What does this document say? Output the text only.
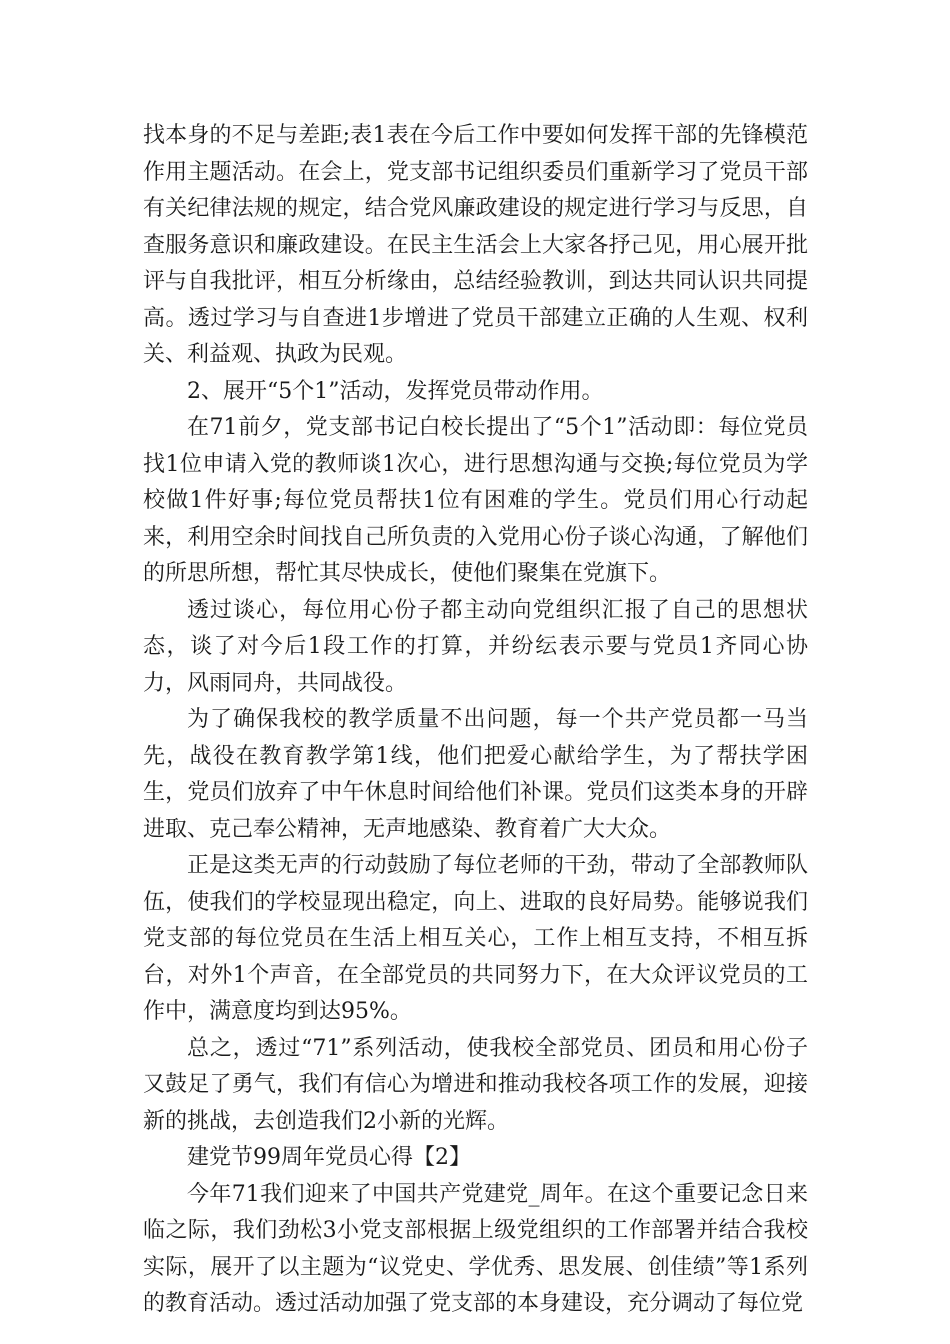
找本身的不足与差距;表1表在今后工作中要如何发挥干部的先锋模范作用主题活动。在会上，党支部书记组织委员们重新学习了党员干部有关纪律法规的规定，结合党风廉政建设的规定进行学习与反思，自查服务意识和廉政建设。在民主生活会上大家各抒己见，用心展开批评与自我批评，相互分析缘由，总结经验教训，到达共同认识共同提高。透过学习与自查进1步增进了党员干部建立正确的人生观、权利关、利益观、执政为民观。

2、展开“5个1”活动，发挥党员带动作用。

在71前夕，党支部书记白校长提出了“5个1”活动即：每位党员找1位申请入党的教师谈1次心，进行思想沟通与交换;每位党员为学校做1件好事;每位党员帮扶1位有困难的学生。党员们用心行动起来，利用空余时间找自己所负责的入党用心份子谈心沟通，了解他们的所思所想，帮忙其尽快成长，使他们聚集在党旗下。

透过谈心，每位用心份子都主动向党组织汇报了自己的思想状态，谈了对今后1段工作的打算，并纷纭表示要与党员1齐同心协力，风雨同舟，共同战役。

为了确保我校的教学质量不出问题，每一个共产党员都一马当先，战役在教育教学第1线，他们把爱心献给学生，为了帮扶学困生，党员们放弃了中午休息时间给他们补课。党员们这类本身的开辟进取、克己奉公精神，无声地感染、教育着广大大众。

正是这类无声的行动鼓励了每位老师的干劲，带动了全部教师队伍，使我们的学校显现出稳定，向上、进取的良好局势。能够说我们党支部的每位党员在生活上相互关心，工作上相互支持，不相互拆台，对外1个声音，在全部党员的共同努力下，在大众评议党员的工作中，满意度均到达95%。

总之，透过“71”系列活动，使我校全部党员、团员和用心份子又鼓足了勇气，我们有信心为增进和推动我校各项工作的发展，迎接新的挑战，去创造我们2小新的光辉。

建党节99周年党员心得【2】

今年71我们迎来了中国共产党建党_周年。在这个重要记念日来临之际，我们劲松3小党支部根据上级党组织的工作部署并结合我校实际，展开了以主题为“议党史、学优秀、思发展、创佳绩”等1系列的教育活动。透过活动加强了党支部的本身建设，充分调动了每位党
